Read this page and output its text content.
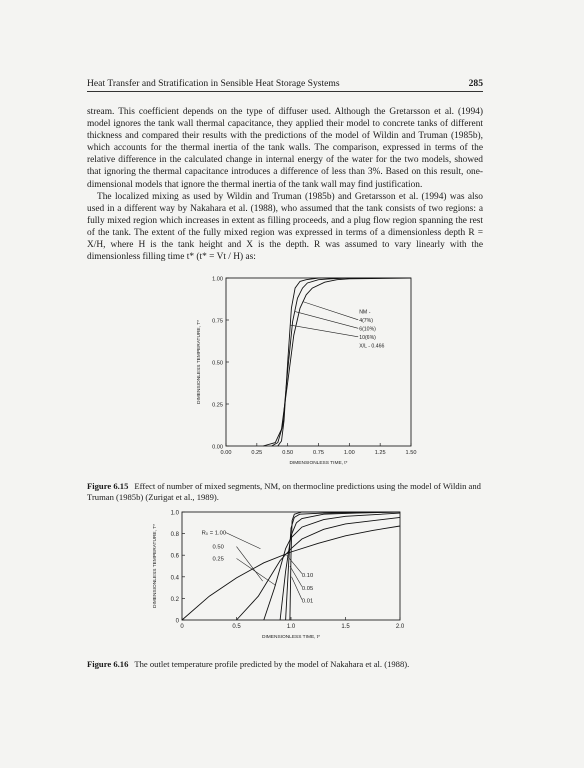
Heat Transfer and Stratification in Sensible Heat Storage Systems	285

stream. This coefficient depends on the type of diffuser used. Although the Gretarsson et al. (1994) model ignores the tank wall thermal capacitance, they applied their model to concrete tanks of different thickness and compared their results with the predictions of the model of Wildin and Truman (1985b), which accounts for the thermal inertia of the tank walls. The comparison, expressed in terms of the relative difference in the calculated change in internal energy of the water for the two models, showed that ignoring the thermal capacitance introduces a difference of less than 3%. Based on this result, one-dimensional models that ignore the thermal inertia of the tank wall may find justification.

The localized mixing as used by Wildin and Truman (1985b) and Gretarsson et al. (1994) was also used in a different way by Nakahara et al. (1988), who assumed that the tank consists of two regions: a fully mixed region which increases in extent as filling proceeds, and a plug flow region spanning the rest of the tank. The extent of the fully mixed region was expressed in terms of a dimensionless depth R = X/H, where H is the tank height and X is the depth. R was assumed to vary linearly with the dimensionless filling time t* (t* = Vt / H) as:

0.00	0.25	0.50	0.75	1.00	1.25	1.50
0.00
0.25
0.50
0.75
1.00
DIMENSIONLESS TIME, t*
DIMENSIONLESS TEMPERATURE, T*
NM -
4(7%)
6(10%)
10(6%)
X/L - 0.466
Figure 6.15 Effect of number of mixed segments, NM, on thermocline predictions using the model of Wildin and Truman (1985b) (Zurigat et al., 1989).
0	0.5	1.0	1.5	2.0
0
0.2
0.4
0.6
0.8
1.0
DIMENSIONLESS TIME, t*
DIMENSIONLESS TEMPERATURE, T*	R₀ = 1.00
0.50
0.25
0.10
0.05
0.01
Figure 6.16 The outlet temperature profile predicted by the model of Nakahara et al. (1988).
